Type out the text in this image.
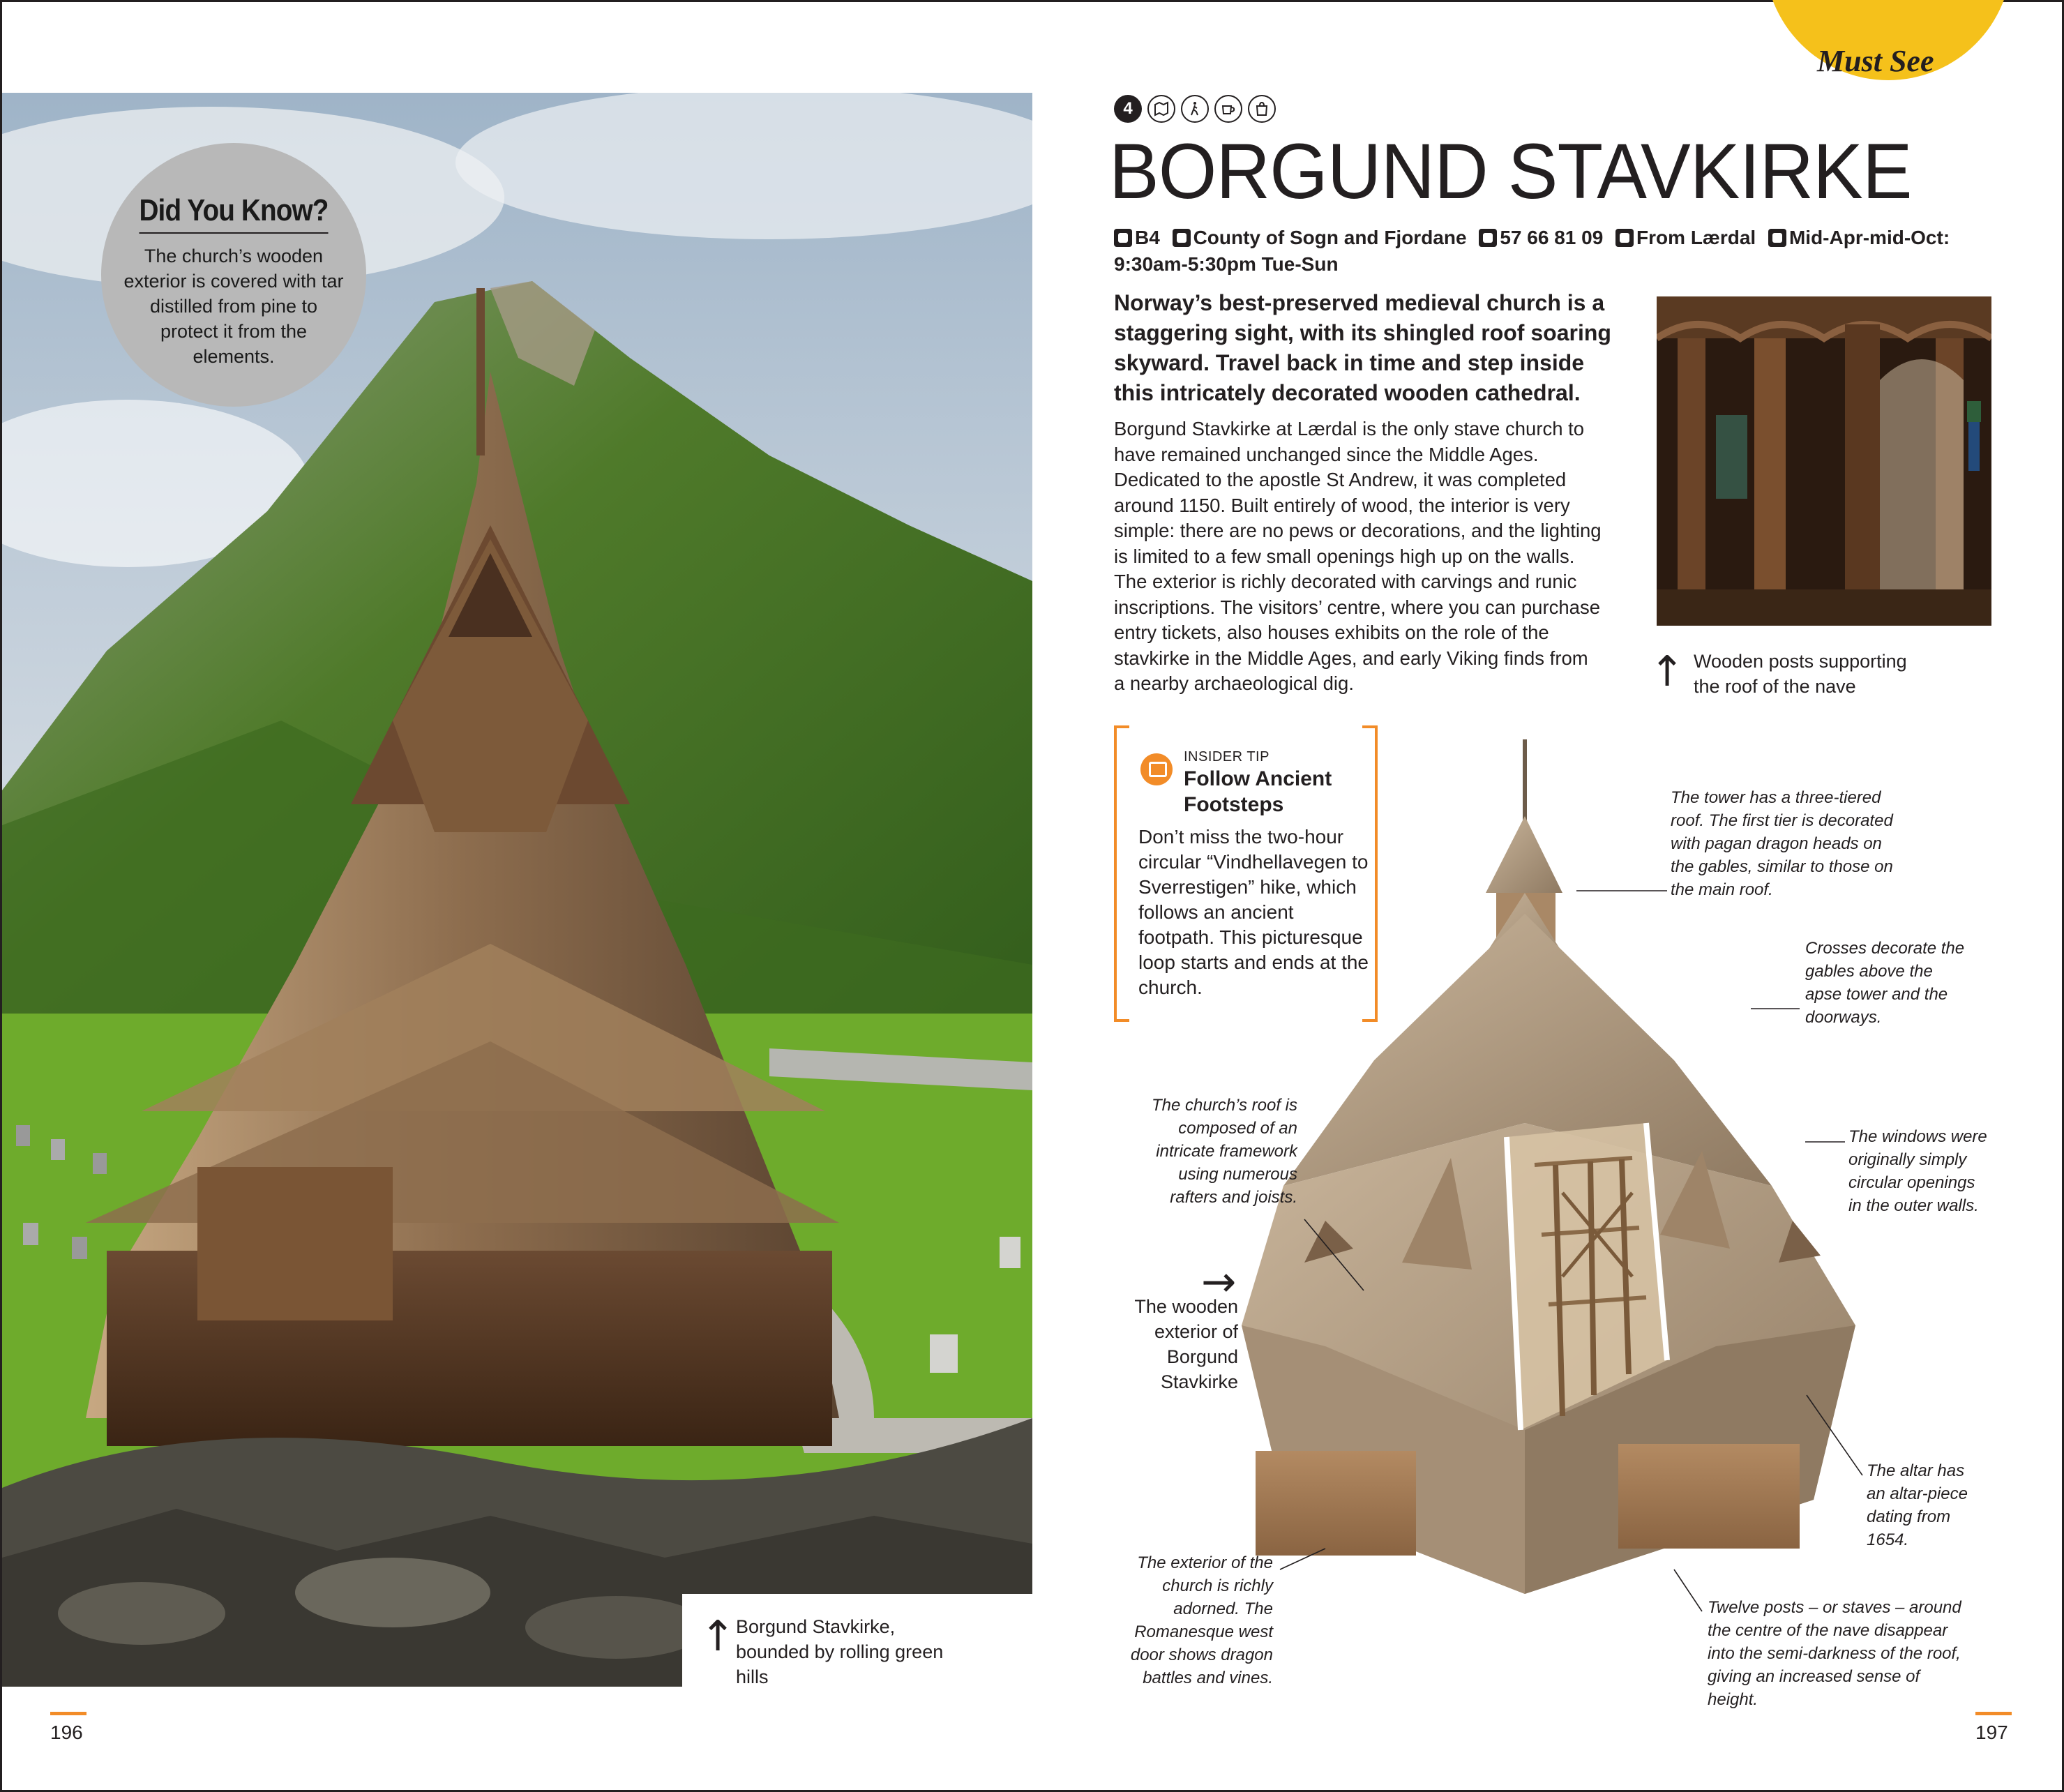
Did You Know?
The church’s wooden exterior is covered with tar distilled from pine to protect it from the elements.
↑ Borgund Stavkirke, bounded by rolling green hills
196
Must See
4
BORGUND STAVKIRKE
B4 County of Sogn and Fjordane 57 66 81 09 From Lærdal Mid-Apr-mid-Oct: 9:30am-5:30pm Tue-Sun
Norway’s best-preserved medieval church is a staggering sight, with its shingled roof soaring skyward. Travel back in time and step inside this intricately decorated wooden cathedral.
Borgund Stavkirke at Lærdal is the only stave church to have remained unchanged since the Middle Ages. Dedicated to the apostle St Andrew, it was completed around 1150. Built entirely of wood, the interior is very simple: there are no pews or decorations, and the lighting is limited to a few small openings high up on the walls. The exterior is richly decorated with carvings and runic inscriptions. The visitors’ centre, where you can purchase entry tickets, also houses exhibits on the role of the stavkirke in the Middle Ages, and early Viking finds from a nearby archaeological dig.	↑ Wooden posts supporting the roof of the nave
INSIDER TIP
Follow Ancient Footsteps
Don’t miss the two-hour circular “Vindhellavegen to Sverrestigen” hike, which follows an ancient footpath. This picturesque loop starts and ends at the church.
→
The wooden exterior of Borgund Stavkirke
The tower has a three-tiered roof. The first tier is decorated with pagan dragon heads on the gables, similar to those on the main roof.
Crosses decorate the gables above the apse tower and the doorways.
The church’s roof is composed of an intricate framework using numerous rafters and joists.
The windows were originally simply circular openings in the outer walls.
The altar has an altar-piece dating from 1654.
The exterior of the church is richly adorned. The Romanesque west door shows dragon battles and vines.
Twelve posts – or staves – around the centre of the nave disappear into the semi-darkness of the roof, giving an increased sense of height.
197
